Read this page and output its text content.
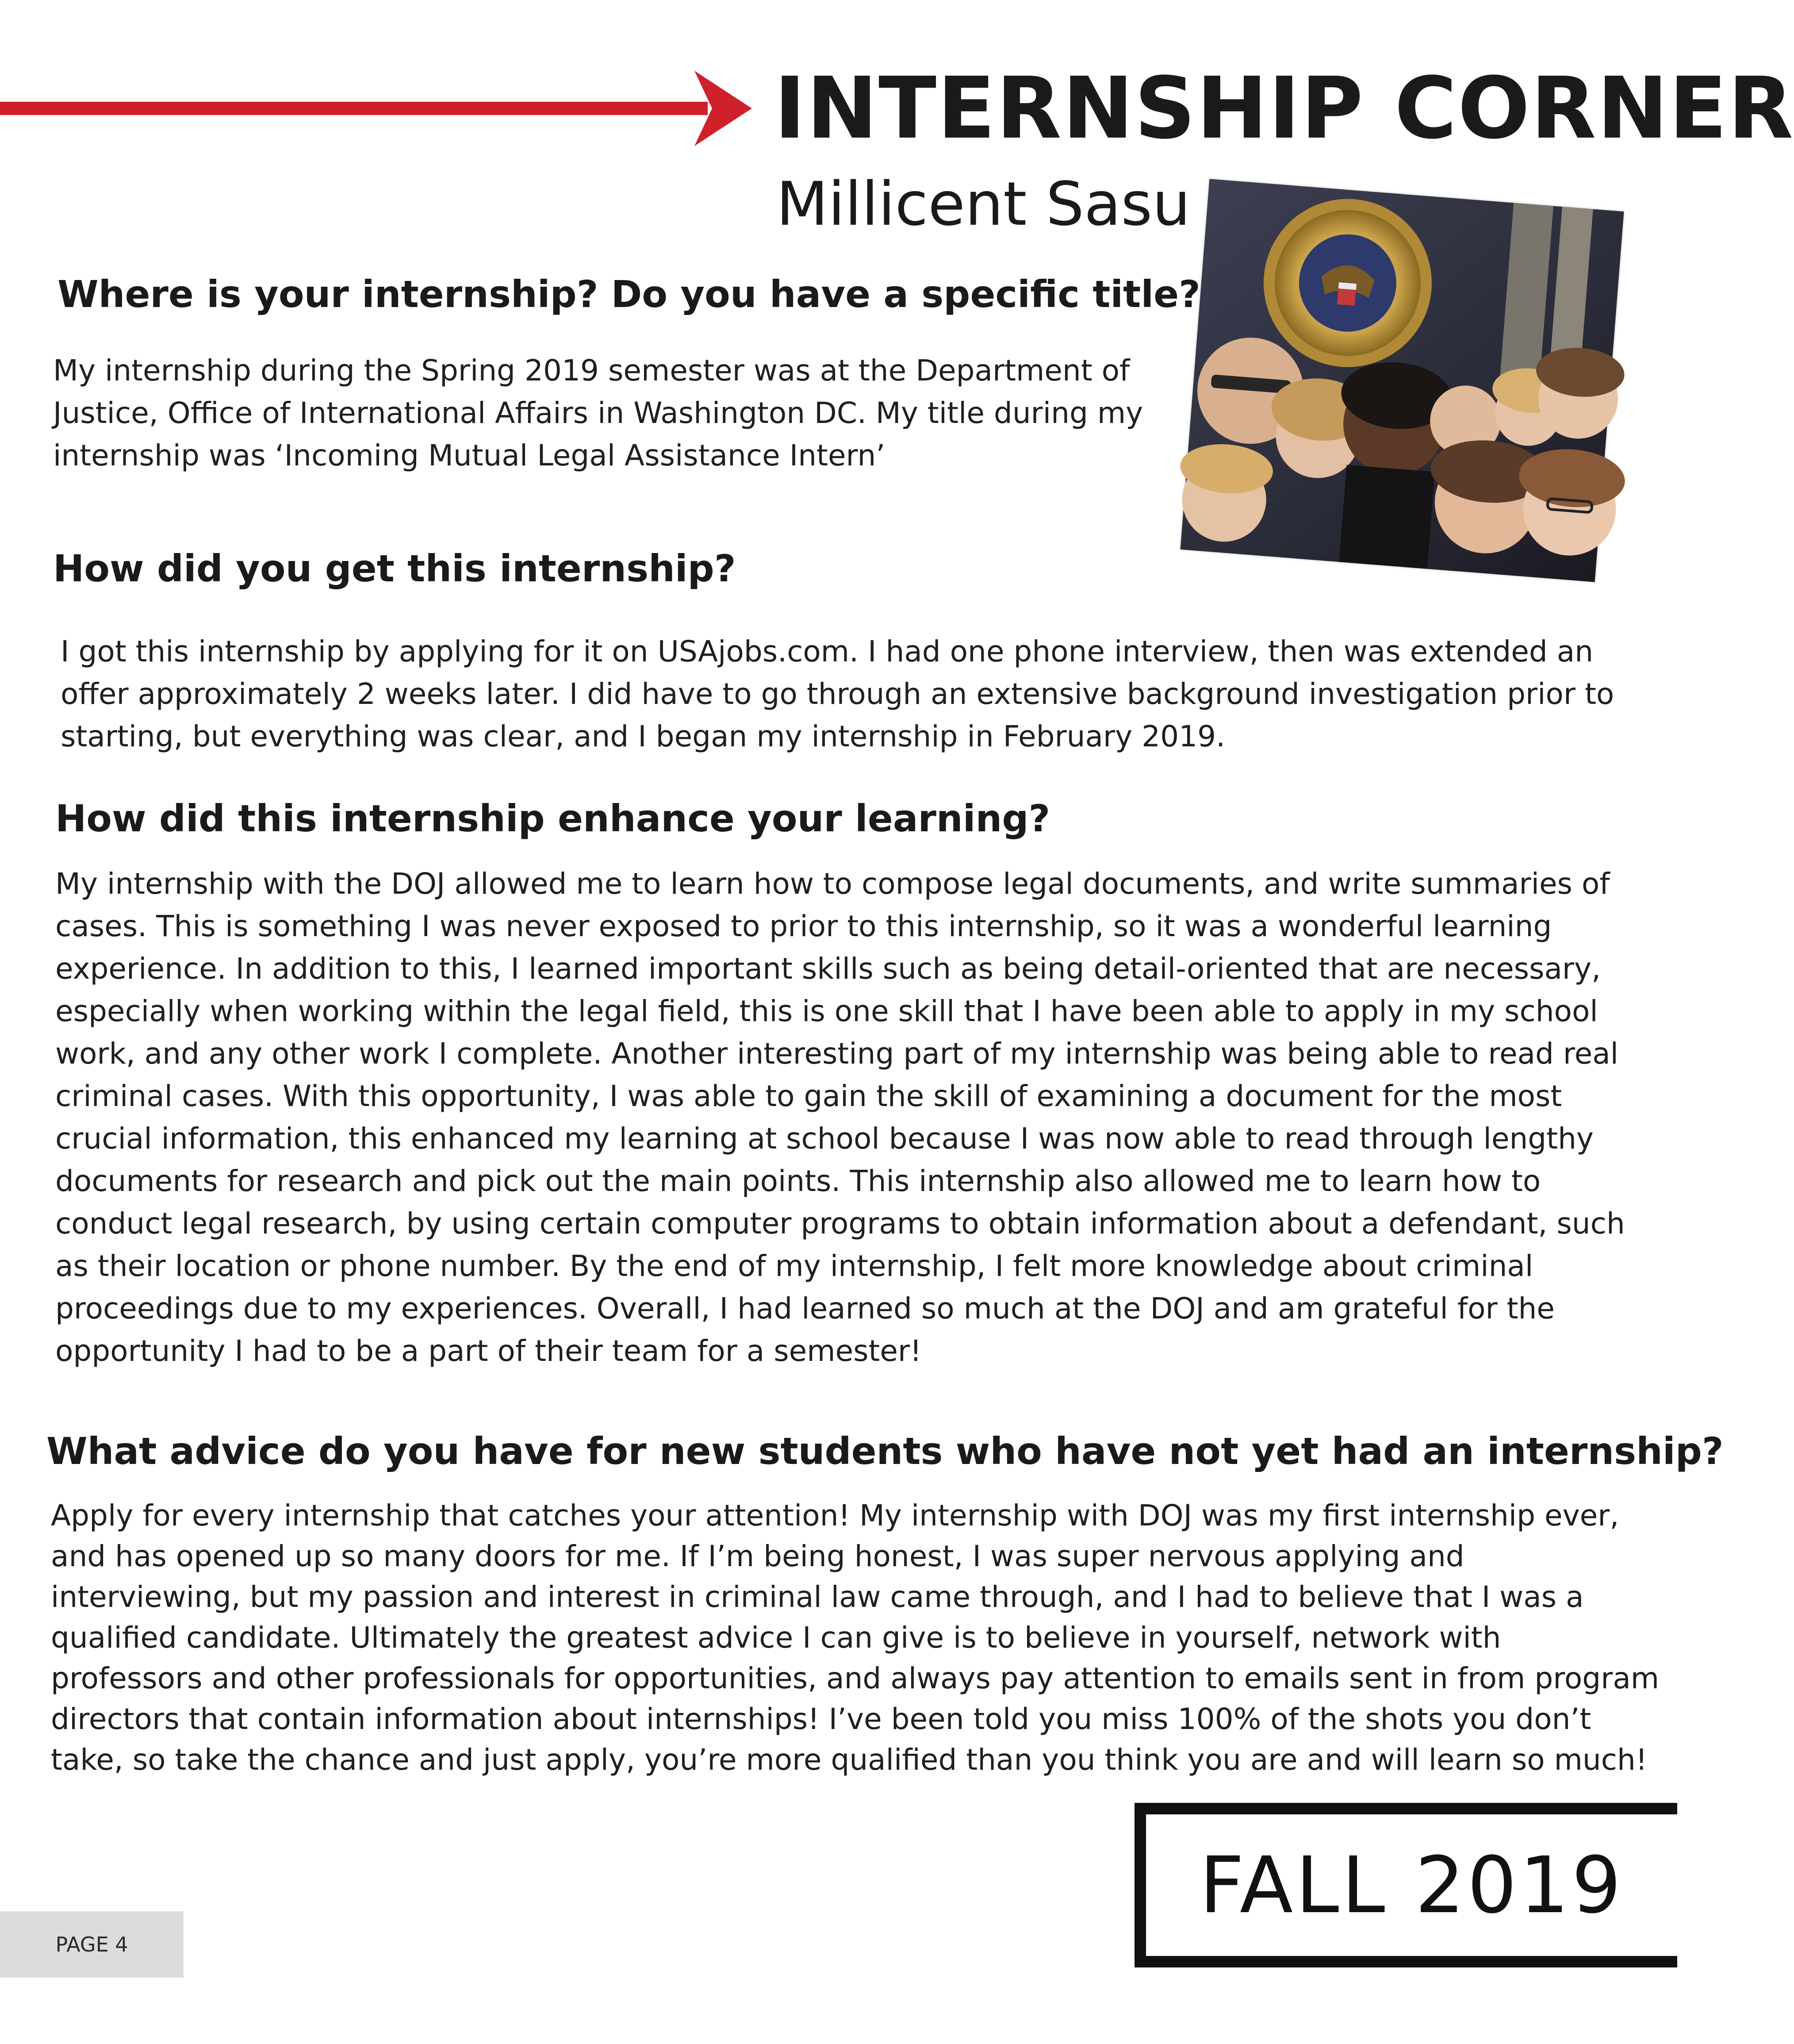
INTERNSHIP CORNER
Millicent Sasu
Where is your internship? Do you have a specific title?

My internship during the Spring 2019 semester was at the Department of Justice, Office of International Affairs in Washington DC. My title during my internship was ‘Incoming Mutual Legal Assistance Intern’

How did you get this internship?

I got this internship by applying for it on USAjobs.com. I had one phone interview, then was extended an offer approximately 2 weeks later. I did have to go through an extensive background investigation prior to starting, but everything was clear, and I began my internship in February 2019.

How did this internship enhance your learning?

My internship with the DOJ allowed me to learn how to compose legal documents, and write summaries of cases. This is something I was never exposed to prior to this internship, so it was a wonderful learning experience. In addition to this, I learned important skills such as being detail-oriented that are necessary, especially when working within the legal field, this is one skill that I have been able to apply in my school work, and any other work I complete. Another interesting part of my internship was being able to read real criminal cases. With this opportunity, I was able to gain the skill of examining a document for the most crucial information, this enhanced my learning at school because I was now able to read through lengthy documents for research and pick out the main points. This internship also allowed me to learn how to conduct legal research, by using certain computer programs to obtain information about a defendant, such as their location or phone number. By the end of my internship, I felt more knowledge about criminal proceedings due to my experiences. Overall, I had learned so much at the DOJ and am grateful for the opportunity I had to be a part of their team for a semester!

What advice do you have for new students who have not yet had an internship?

Apply for every internship that catches your attention! My internship with DOJ was my first internship ever, and has opened up so many doors for me. If I’m being honest, I was super nervous applying and interviewing, but my passion and interest in criminal law came through, and I had to believe that I was a qualified candidate. Ultimately the greatest advice I can give is to believe in yourself, network with professors and other professionals for opportunities, and always pay attention to emails sent in from program directors that contain information about internships! I’ve been told you miss 100% of the shots you don’t take, so take the chance and just apply, you’re more qualified than you think you are and will learn so much!

PAGE 4
FALL 2019
